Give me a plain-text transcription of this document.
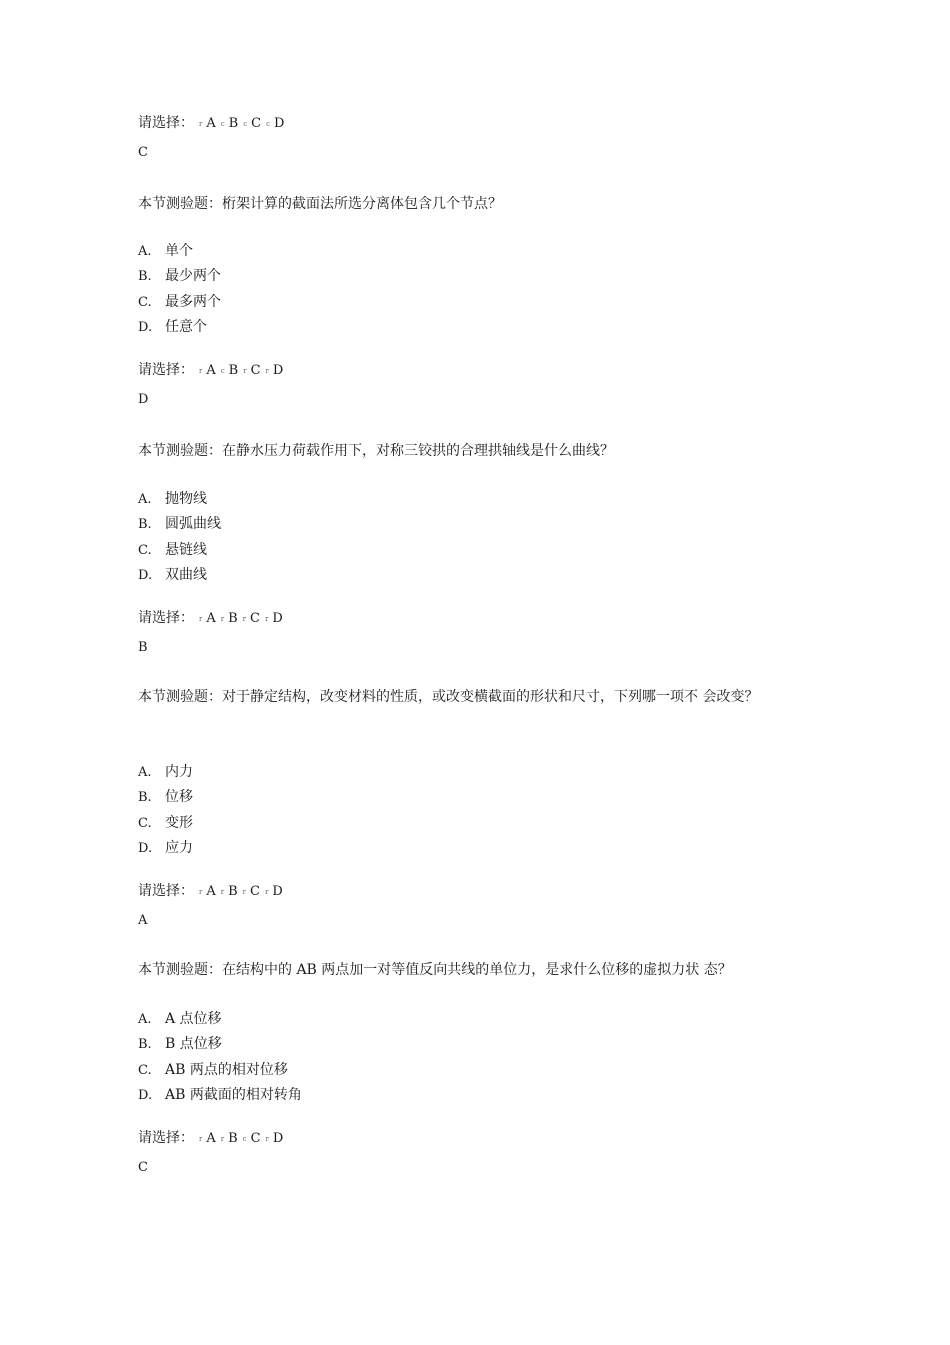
请选择： r A c B c C c D
C
本节测验题：桁架计算的截面法所选分离体包含几个节点？
A. 单个
B. 最少两个
C. 最多两个
D. 任意个
请选择： r A c B r C r D
D
本节测验题：在静水压力荷载作用下，对称三铰拱的合理拱轴线是什么曲线？
A. 抛物线
B. 圆弧曲线
C. 悬链线
D. 双曲线
请选择： r A r B r C r D
B
本节测验题：对于静定结构，改变材料的性质，或改变横截面的形状和尺寸，下列哪一项不 会改变？
A. 内力
B. 位移
C. 变形
D. 应力
请选择： r A r B r C r D
A
本节测验题：在结构中的 AB 两点加一对等值反向共线的单位力，是求什么位移的虚拟力状 态？
A. A 点位移
B. B 点位移
C. AB 两点的相对位移
D. AB 两截面的相对转角
请选择： r A r B c C r D
C
